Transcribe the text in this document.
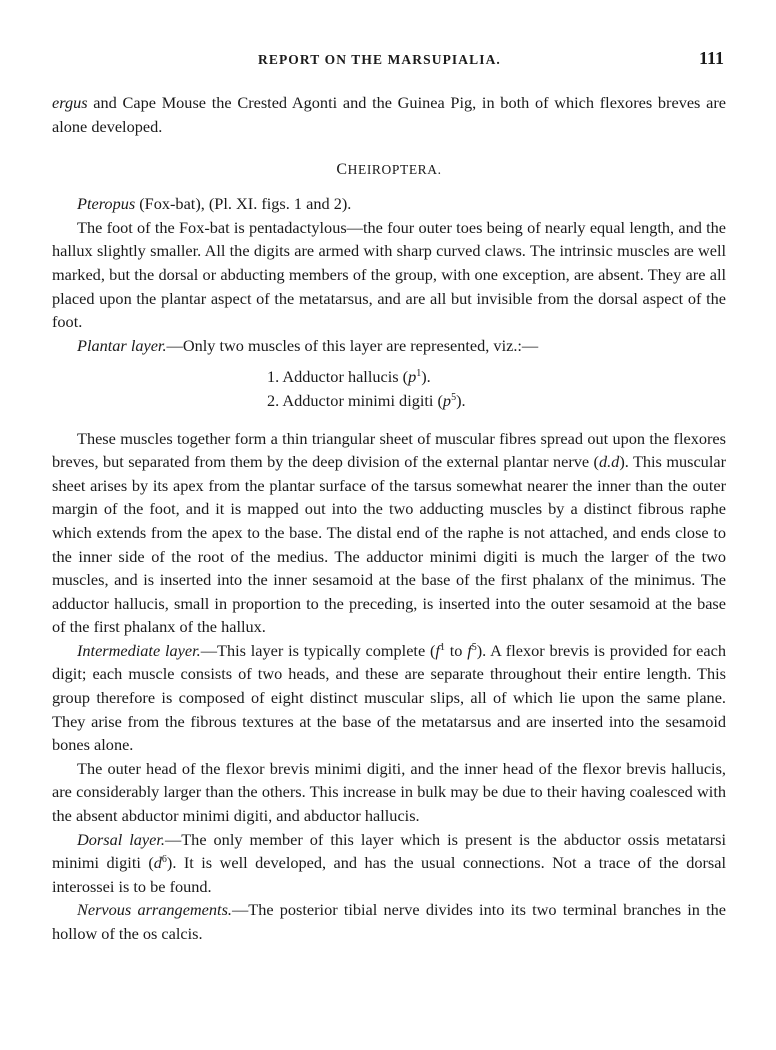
REPORT ON THE MARSUPIALIA.	111

ergus and Cape Mouse the Crested Agonti and the Guinea Pig, in both of which flexores breves are alone developed.

CHEIROPTERA.

Pteropus (Fox-bat), (Pl. XI. figs. 1 and 2).

The foot of the Fox-bat is pentadactylous—the four outer toes being of nearly equal length, and the hallux slightly smaller. All the digits are armed with sharp curved claws. The intrinsic muscles are well marked, but the dorsal or abducting members of the group, with one exception, are absent. They are all placed upon the plantar aspect of the metatarsus, and are all but invisible from the dorsal aspect of the foot.

Plantar layer.—Only two muscles of this layer are represented, viz.:—

1. Adductor hallucis $(p^1)$.
2. Adductor minimi digiti $(p^5)$.

These muscles together form a thin triangular sheet of muscular fibres spread out upon the flexores breves, but separated from them by the deep division of the external plantar nerve (d.d). This muscular sheet arises by its apex from the plantar surface of the tarsus somewhat nearer the inner than the outer margin of the foot, and it is mapped out into the two adducting muscles by a distinct fibrous raphe which extends from the apex to the base. The distal end of the raphe is not attached, and ends close to the inner side of the root of the medius. The adductor minimi digiti is much the larger of the two muscles, and is inserted into the inner sesamoid at the base of the first phalanx of the minimus. The adductor hallucis, small in proportion to the preceding, is inserted into the outer sesamoid at the base of the first phalanx of the hallux.

Intermediate layer.—This layer is typically complete ($f^1$ to $f^5$). A flexor brevis is provided for each digit; each muscle consists of two heads, and these are separate throughout their entire length. This group therefore is composed of eight distinct muscular slips, all of which lie upon the same plane. They arise from the fibrous textures at the base of the metatarsus and are inserted into the sesamoid bones alone.

The outer head of the flexor brevis minimi digiti, and the inner head of the flexor brevis hallucis, are considerably larger than the others. This increase in bulk may be due to their having coalesced with the absent abductor minimi digiti, and abductor hallucis.

Dorsal layer.—The only member of this layer which is present is the abductor ossis metatarsi minimi digiti $(d^6)$. It is well developed, and has the usual connections. Not a trace of the dorsal interossei is to be found.

Nervous arrangements.—The posterior tibial nerve divides into its two terminal branches in the hollow of the os calcis.
